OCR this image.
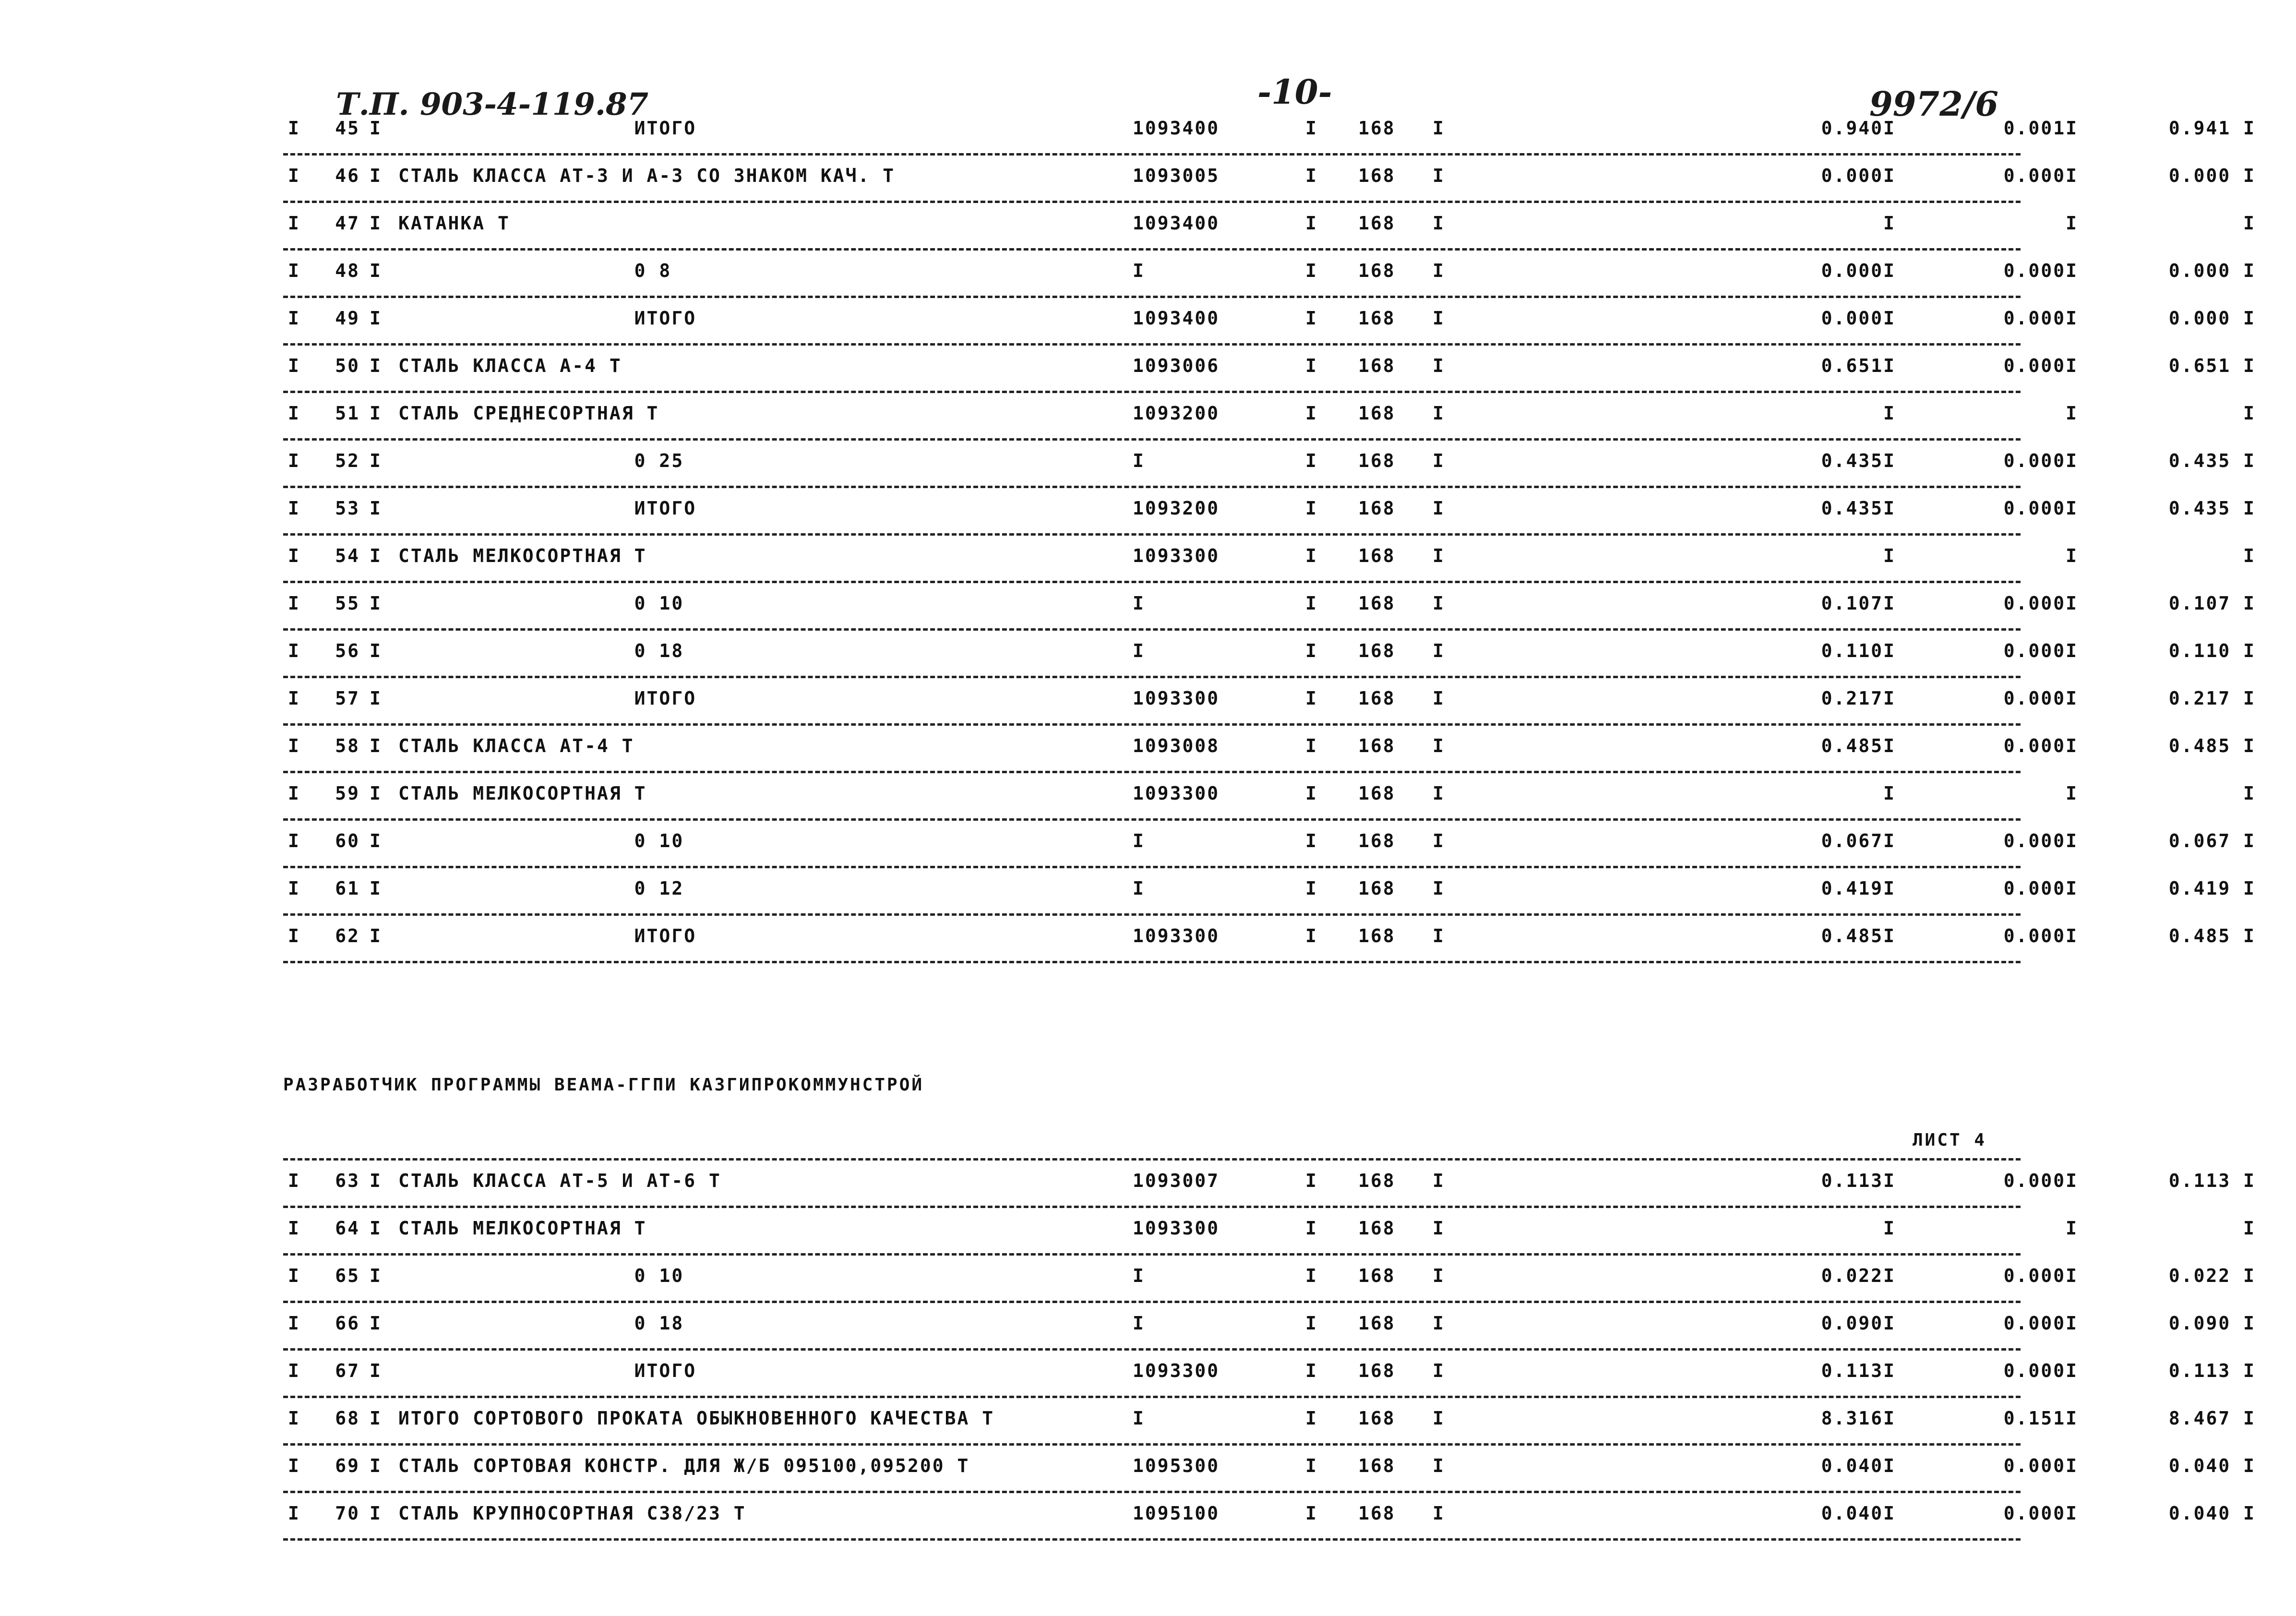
Т.П. 903-4-119.87	-10-	9972/6
I	45 I ИТОГО	1093400	I 168 I	0.940I	0.001I	0.941 I
I	46 I СТАЛЬ КЛАССА АТ-3 И А-3 СО ЗНАКОМ КАЧ. Т	1093005	I 168 I	0.000I	0.000I	0.000 I
I	47 I КАТАНКА Т	1093400	I 168 I	I	I	I
I	48 I 0 8	I	I 168 I	0.000I	0.000I	0.000 I
I	49 I ИТОГО	1093400	I 168 I	0.000I	0.000I	0.000 I
I	50 I СТАЛЬ КЛАССА А-4 Т	1093006	I 168 I	0.651I	0.000I	0.651 I
I	51 I СТАЛЬ СРЕДНЕСОРТНАЯ Т	1093200	I 168 I	I	I	I
I	52 I 0 25	I	I 168 I	0.435I	0.000I	0.435 I
I	53 I ИТОГО	1093200	I 168 I	0.435I	0.000I	0.435 I
I	54 I СТАЛЬ МЕЛКОСОРТНАЯ Т	1093300	I 168 I	I	I	I
I	55 I 0 10	I	I 168 I	0.107I	0.000I	0.107 I
I	56 I 0 18	I	I 168 I	0.110I	0.000I	0.110 I
I	57 I ИТОГО	1093300	I 168 I	0.217I	0.000I	0.217 I
I	58 I СТАЛЬ КЛАССА АТ-4 Т	1093008	I 168 I	0.485I	0.000I	0.485 I
I	59 I СТАЛЬ МЕЛКОСОРТНАЯ Т	1093300	I 168 I	I	I	I
I	60 I 0 10	I	I 168 I	0.067I	0.000I	0.067 I
I	61 I 0 12	I	I 168 I	0.419I	0.000I	0.419 I
I	62 I ИТОГО	1093300	I 168 I	0.485I	0.000I	0.485 I
РАЗРАБОТЧИК ПРОГРАММЫ ВЕАМА-ГГПИ КАЗГИПРОКОММУНСТРОЙ
ЛИСТ 4
I	63 I СТАЛЬ КЛАССА АТ-5 И АТ-6 Т	1093007	I 168 I	0.113I	0.000I	0.113 I
I	64 I СТАЛЬ МЕЛКОСОРТНАЯ Т	1093300	I 168 I	I	I	I
I	65 I 0 10	I	I 168 I	0.022I	0.000I	0.022 I
I	66 I 0 18	I	I 168 I	0.090I	0.000I	0.090 I
I	67 I ИТОГО	1093300	I 168 I	0.113I	0.000I	0.113 I
I	68 I ИТОГО СОРТОВОГО ПРОКАТА ОБЫКНОВЕННОГО КАЧЕСТВА Т	I	I 168 I	8.316I	0.151I	8.467 I
I	69 I СТАЛЬ СОРТОВАЯ КОНСТР. ДЛЯ Ж/Б 095100,095200 Т	1095300	I 168 I	0.040I	0.000I	0.040 I
I	70 I СТАЛЬ КРУПНОСОРТНАЯ С38/23 Т	1095100	I 168 I	0.040I	0.000I	0.040 I
